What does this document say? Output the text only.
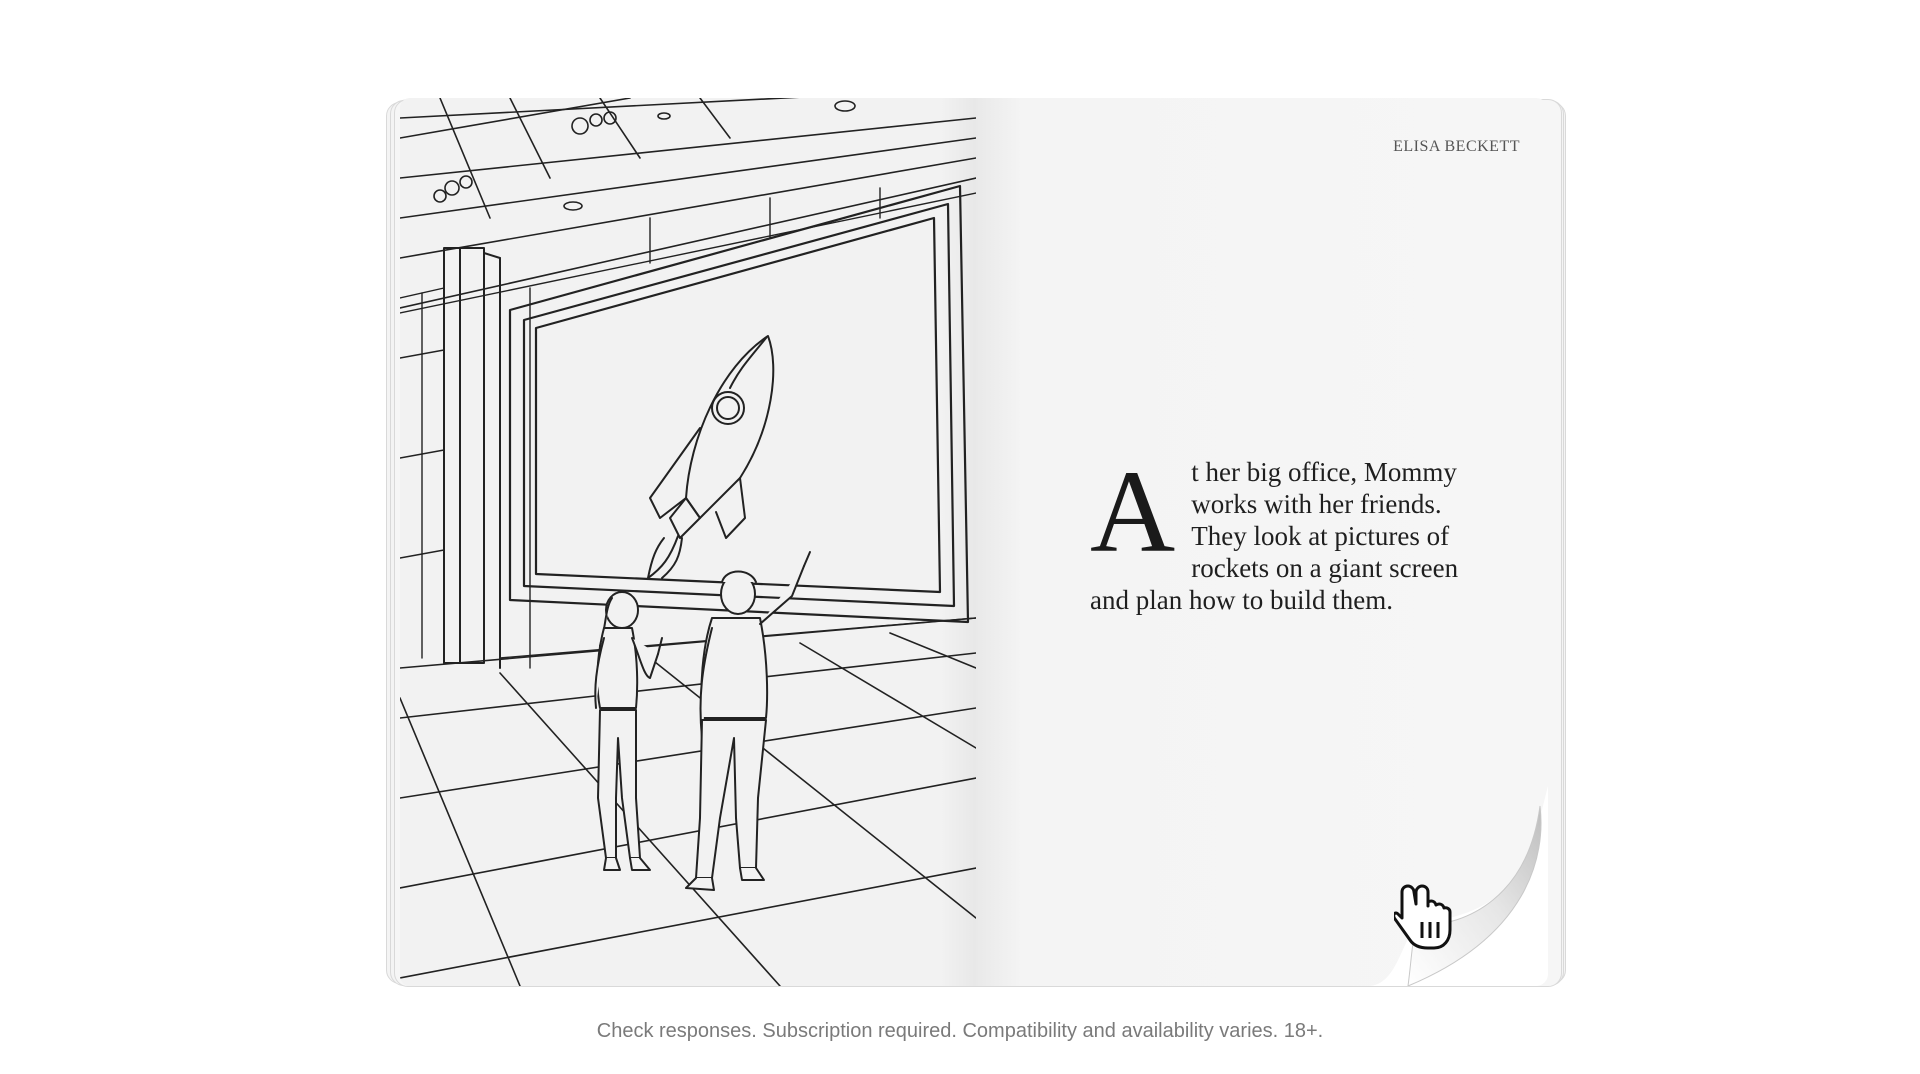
ELISA BECKETT
At her big office, Mommy works with her friends. They look at pictures of rockets on a giant screen and plan how to build them.
Check responses. Subscription required. Compatibility and availability varies. 18+.
